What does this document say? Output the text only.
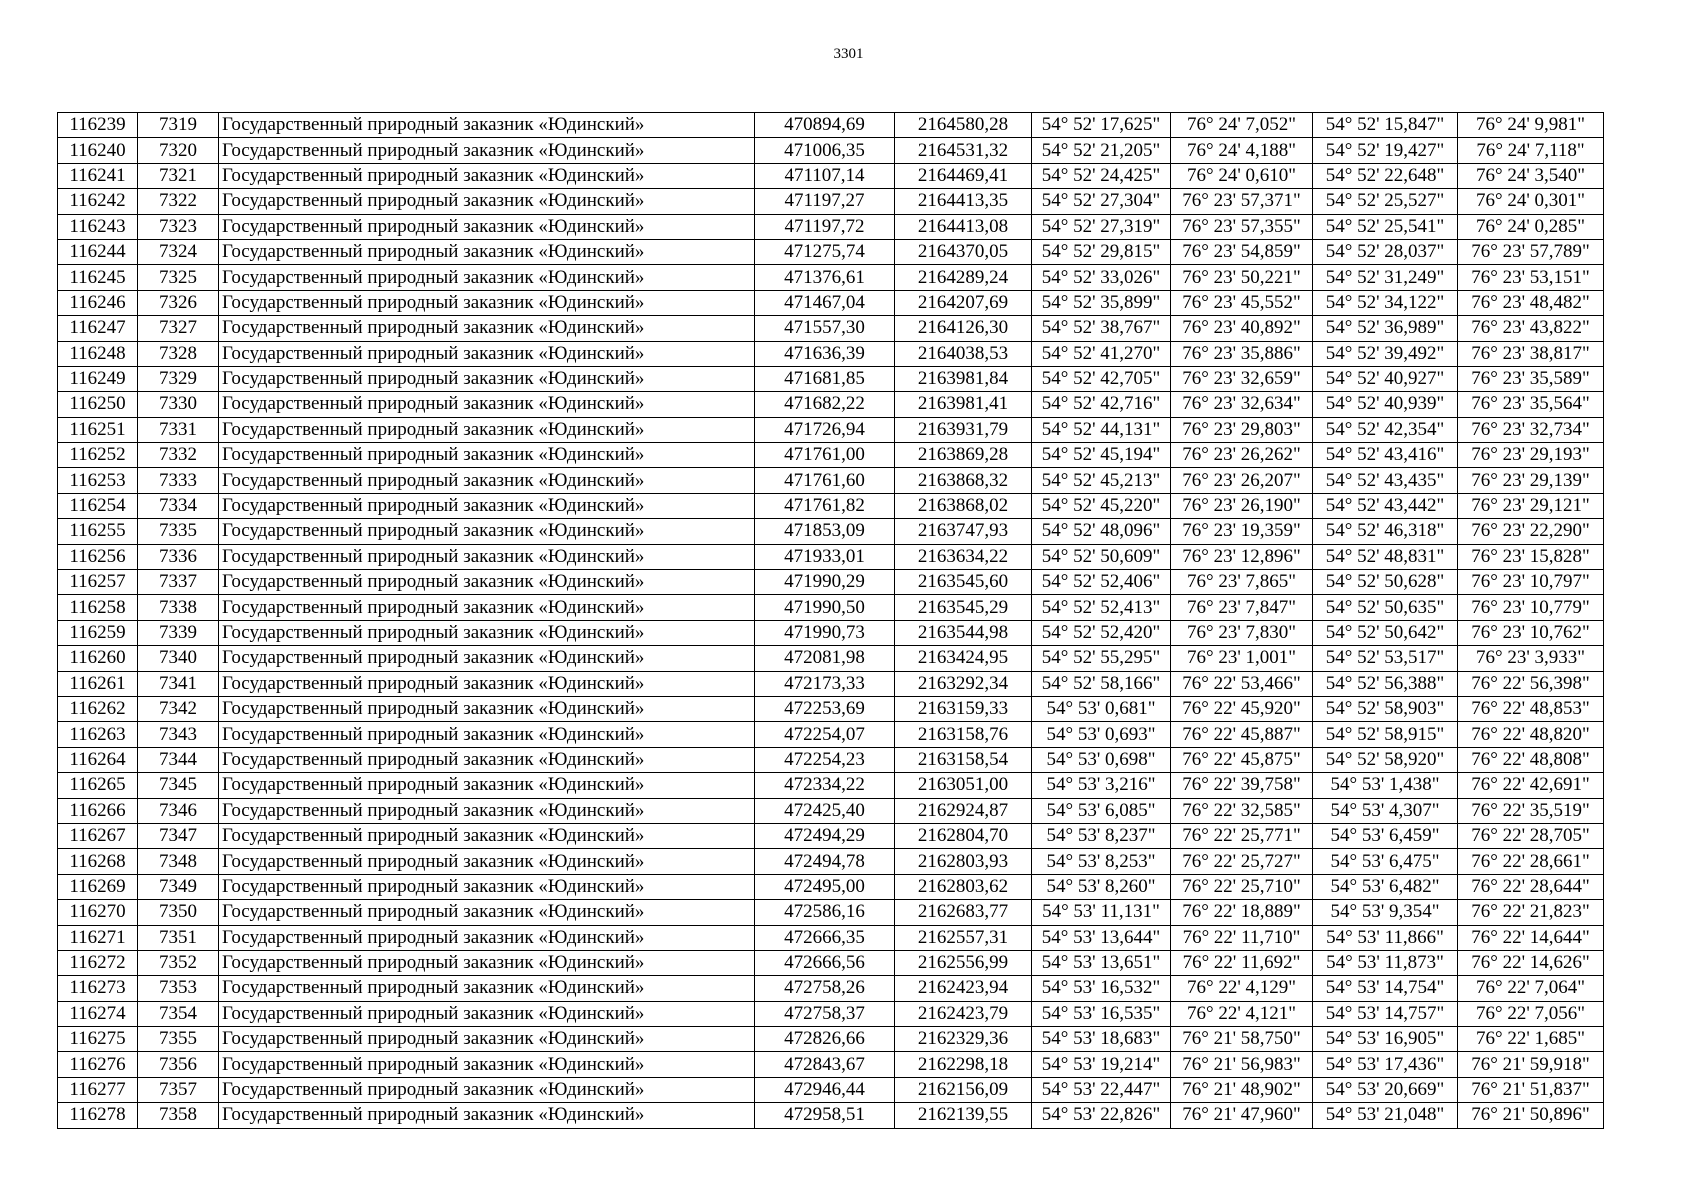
3301
116239	7319	Государственный природный заказник «Юдинский»	470894,69	2164580,28	54° 52' 17,625"	76° 24' 7,052"	54° 52' 15,847"	76° 24' 9,981"
116240	7320	Государственный природный заказник «Юдинский»	471006,35	2164531,32	54° 52' 21,205"	76° 24' 4,188"	54° 52' 19,427"	76° 24' 7,118"
116241	7321	Государственный природный заказник «Юдинский»	471107,14	2164469,41	54° 52' 24,425"	76° 24' 0,610"	54° 52' 22,648"	76° 24' 3,540"
116242	7322	Государственный природный заказник «Юдинский»	471197,27	2164413,35	54° 52' 27,304"	76° 23' 57,371"	54° 52' 25,527"	76° 24' 0,301"
116243	7323	Государственный природный заказник «Юдинский»	471197,72	2164413,08	54° 52' 27,319"	76° 23' 57,355"	54° 52' 25,541"	76° 24' 0,285"
116244	7324	Государственный природный заказник «Юдинский»	471275,74	2164370,05	54° 52' 29,815"	76° 23' 54,859"	54° 52' 28,037"	76° 23' 57,789"
116245	7325	Государственный природный заказник «Юдинский»	471376,61	2164289,24	54° 52' 33,026"	76° 23' 50,221"	54° 52' 31,249"	76° 23' 53,151"
116246	7326	Государственный природный заказник «Юдинский»	471467,04	2164207,69	54° 52' 35,899"	76° 23' 45,552"	54° 52' 34,122"	76° 23' 48,482"
116247	7327	Государственный природный заказник «Юдинский»	471557,30	2164126,30	54° 52' 38,767"	76° 23' 40,892"	54° 52' 36,989"	76° 23' 43,822"
116248	7328	Государственный природный заказник «Юдинский»	471636,39	2164038,53	54° 52' 41,270"	76° 23' 35,886"	54° 52' 39,492"	76° 23' 38,817"
116249	7329	Государственный природный заказник «Юдинский»	471681,85	2163981,84	54° 52' 42,705"	76° 23' 32,659"	54° 52' 40,927"	76° 23' 35,589"
116250	7330	Государственный природный заказник «Юдинский»	471682,22	2163981,41	54° 52' 42,716"	76° 23' 32,634"	54° 52' 40,939"	76° 23' 35,564"
116251	7331	Государственный природный заказник «Юдинский»	471726,94	2163931,79	54° 52' 44,131"	76° 23' 29,803"	54° 52' 42,354"	76° 23' 32,734"
116252	7332	Государственный природный заказник «Юдинский»	471761,00	2163869,28	54° 52' 45,194"	76° 23' 26,262"	54° 52' 43,416"	76° 23' 29,193"
116253	7333	Государственный природный заказник «Юдинский»	471761,60	2163868,32	54° 52' 45,213"	76° 23' 26,207"	54° 52' 43,435"	76° 23' 29,139"
116254	7334	Государственный природный заказник «Юдинский»	471761,82	2163868,02	54° 52' 45,220"	76° 23' 26,190"	54° 52' 43,442"	76° 23' 29,121"
116255	7335	Государственный природный заказник «Юдинский»	471853,09	2163747,93	54° 52' 48,096"	76° 23' 19,359"	54° 52' 46,318"	76° 23' 22,290"
116256	7336	Государственный природный заказник «Юдинский»	471933,01	2163634,22	54° 52' 50,609"	76° 23' 12,896"	54° 52' 48,831"	76° 23' 15,828"
116257	7337	Государственный природный заказник «Юдинский»	471990,29	2163545,60	54° 52' 52,406"	76° 23' 7,865"	54° 52' 50,628"	76° 23' 10,797"
116258	7338	Государственный природный заказник «Юдинский»	471990,50	2163545,29	54° 52' 52,413"	76° 23' 7,847"	54° 52' 50,635"	76° 23' 10,779"
116259	7339	Государственный природный заказник «Юдинский»	471990,73	2163544,98	54° 52' 52,420"	76° 23' 7,830"	54° 52' 50,642"	76° 23' 10,762"
116260	7340	Государственный природный заказник «Юдинский»	472081,98	2163424,95	54° 52' 55,295"	76° 23' 1,001"	54° 52' 53,517"	76° 23' 3,933"
116261	7341	Государственный природный заказник «Юдинский»	472173,33	2163292,34	54° 52' 58,166"	76° 22' 53,466"	54° 52' 56,388"	76° 22' 56,398"
116262	7342	Государственный природный заказник «Юдинский»	472253,69	2163159,33	54° 53' 0,681"	76° 22' 45,920"	54° 52' 58,903"	76° 22' 48,853"
116263	7343	Государственный природный заказник «Юдинский»	472254,07	2163158,76	54° 53' 0,693"	76° 22' 45,887"	54° 52' 58,915"	76° 22' 48,820"
116264	7344	Государственный природный заказник «Юдинский»	472254,23	2163158,54	54° 53' 0,698"	76° 22' 45,875"	54° 52' 58,920"	76° 22' 48,808"
116265	7345	Государственный природный заказник «Юдинский»	472334,22	2163051,00	54° 53' 3,216"	76° 22' 39,758"	54° 53' 1,438"	76° 22' 42,691"
116266	7346	Государственный природный заказник «Юдинский»	472425,40	2162924,87	54° 53' 6,085"	76° 22' 32,585"	54° 53' 4,307"	76° 22' 35,519"
116267	7347	Государственный природный заказник «Юдинский»	472494,29	2162804,70	54° 53' 8,237"	76° 22' 25,771"	54° 53' 6,459"	76° 22' 28,705"
116268	7348	Государственный природный заказник «Юдинский»	472494,78	2162803,93	54° 53' 8,253"	76° 22' 25,727"	54° 53' 6,475"	76° 22' 28,661"
116269	7349	Государственный природный заказник «Юдинский»	472495,00	2162803,62	54° 53' 8,260"	76° 22' 25,710"	54° 53' 6,482"	76° 22' 28,644"
116270	7350	Государственный природный заказник «Юдинский»	472586,16	2162683,77	54° 53' 11,131"	76° 22' 18,889"	54° 53' 9,354"	76° 22' 21,823"
116271	7351	Государственный природный заказник «Юдинский»	472666,35	2162557,31	54° 53' 13,644"	76° 22' 11,710"	54° 53' 11,866"	76° 22' 14,644"
116272	7352	Государственный природный заказник «Юдинский»	472666,56	2162556,99	54° 53' 13,651"	76° 22' 11,692"	54° 53' 11,873"	76° 22' 14,626"
116273	7353	Государственный природный заказник «Юдинский»	472758,26	2162423,94	54° 53' 16,532"	76° 22' 4,129"	54° 53' 14,754"	76° 22' 7,064"
116274	7354	Государственный природный заказник «Юдинский»	472758,37	2162423,79	54° 53' 16,535"	76° 22' 4,121"	54° 53' 14,757"	76° 22' 7,056"
116275	7355	Государственный природный заказник «Юдинский»	472826,66	2162329,36	54° 53' 18,683"	76° 21' 58,750"	54° 53' 16,905"	76° 22' 1,685"
116276	7356	Государственный природный заказник «Юдинский»	472843,67	2162298,18	54° 53' 19,214"	76° 21' 56,983"	54° 53' 17,436"	76° 21' 59,918"
116277	7357	Государственный природный заказник «Юдинский»	472946,44	2162156,09	54° 53' 22,447"	76° 21' 48,902"	54° 53' 20,669"	76° 21' 51,837"
116278	7358	Государственный природный заказник «Юдинский»	472958,51	2162139,55	54° 53' 22,826"	76° 21' 47,960"	54° 53' 21,048"	76° 21' 50,896"
